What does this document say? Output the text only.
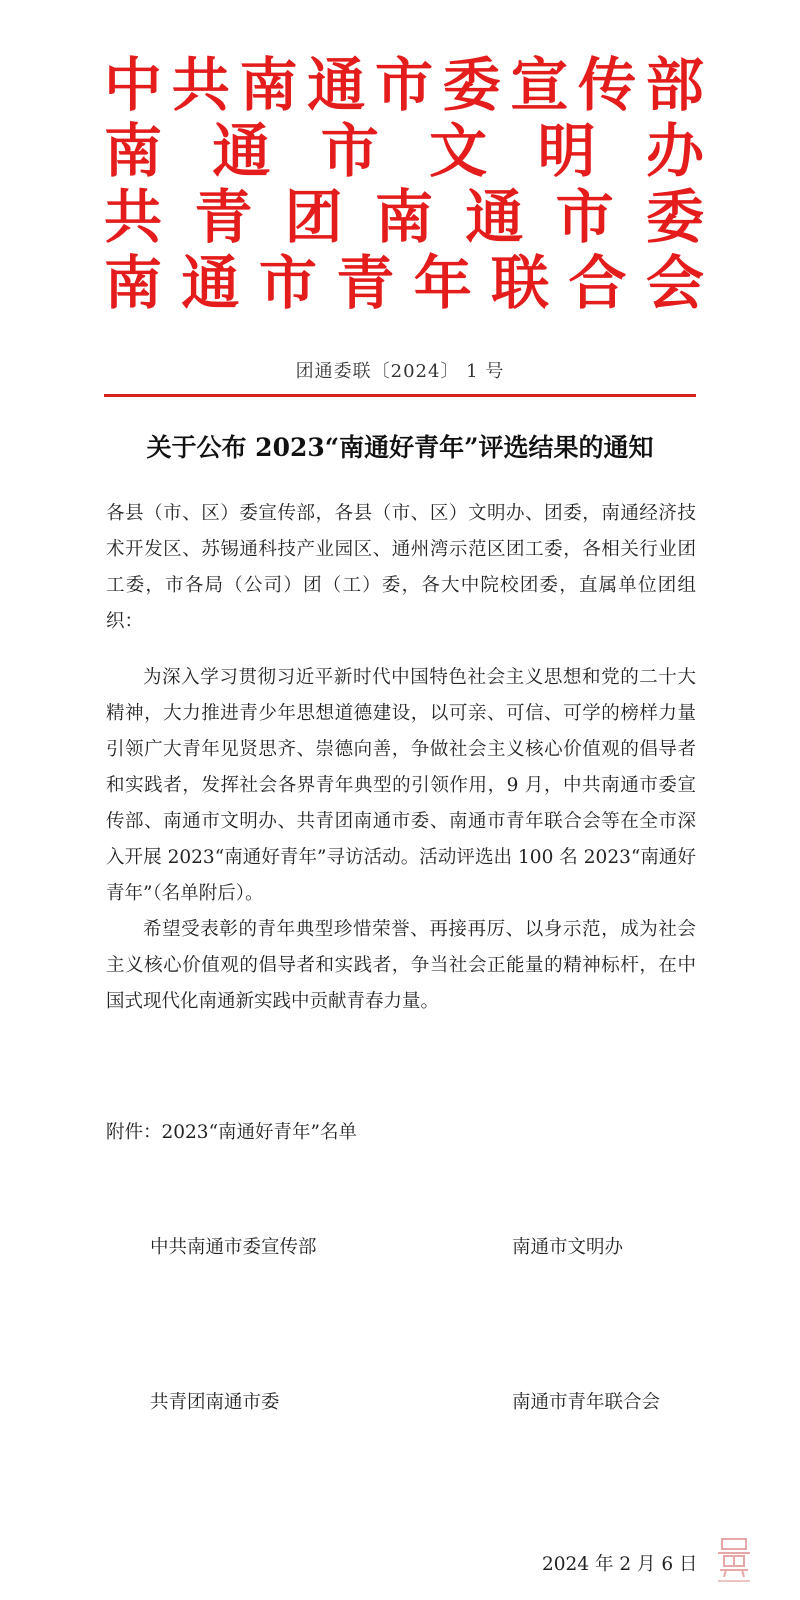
中 共 南 通 市 委 宣 传 部
南 通 市 文 明 办
共 青 团 南 通 市 委
南 通 市 青 年 联 合 会
团通委联〔2024〕 1 号
关于公布 2023“南通好青年”评选结果的通知
各县（市、区）委宣传部，各县（市、区）文明办、团委，南通经济技术开发区、苏锡通科技产业园区、通州湾示范区团工委，各相关行业团工委，市各局（公司）团（工）委，各大中院校团委，直属单位团组织：
为深入学习贯彻习近平新时代中国特色社会主义思想和党的二十大精神，大力推进青少年思想道德建设，以可亲、可信、可学的榜样力量引领广大青年见贤思齐、崇德向善，争做社会主义核心价值观的倡导者和实践者，发挥社会各界青年典型的引领作用，9 月，中共南通市委宣传部、南通市文明办、共青团南通市委、南通市青年联合会等在全市深入开展 2023“南通好青年”寻访活动。活动评选出 100 名 2023“南通好青年”（名单附后）。
希望受表彰的青年典型珍惜荣誉、再接再厉、以身示范，成为社会主义核心价值观的倡导者和实践者，争当社会正能量的精神标杆，在中国式现代化南通新实践中贡献青春力量。
附件：2023“南通好青年”名单
中共南通市委宣传部	南通市文明办
共青团南通市委	南通市青年联合会
2024 年 2 月 6 日
